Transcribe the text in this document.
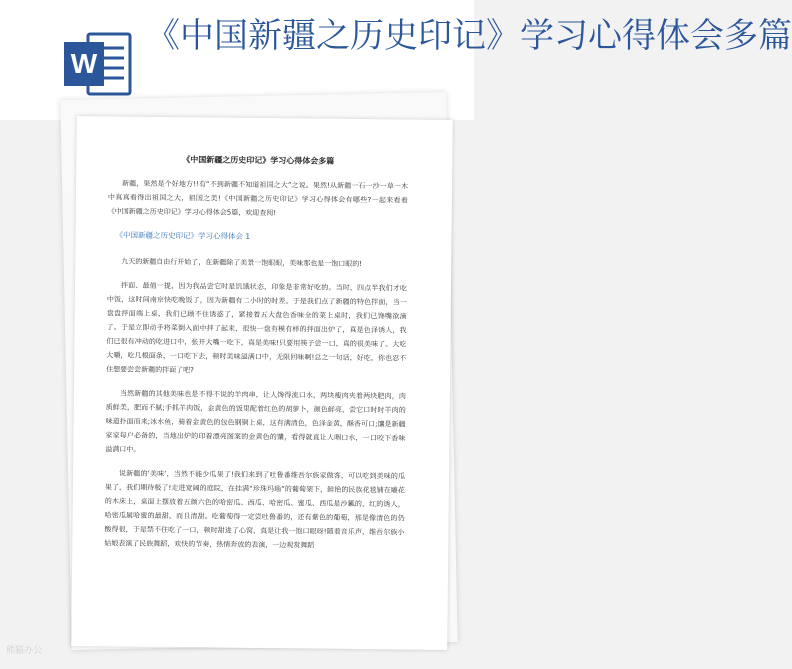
W
《中国新疆之历史印记》学习心得体会多篇
《中国新疆之历史印记》学习心得体会多篇

新疆，果然是个好地方!!有“不到新疆不知道祖国之大”之说。果然!从新疆一石一沙一草一木中真真看得出祖国之大，祖国之美!《中国新疆之历史印记》学习心得体会有哪些?一起来看看《中国新疆之历史印记》学习心得体会5篇，欢迎查阅!

《中国新疆之历史印记》学习心得体会 1

九天的新疆自由行开始了，在新疆除了美景一饱眼眼，美味那也是一饱口眼的!

拌面、最值一提，因为我品尝它时是饥饿状态，印象是非常好吃的。当时，四点半我们才吃中饭，这时间南京快吃晚饭了，因为新疆有二小时的时差。于是我们点了新疆的特色拌面，当一盘盘拌面端上桌，我们已顾不住诱惑了，紧接着五大盘色香味全的菜上桌时，我们已馋嘴欲滴了。于是立即动手将菜倒入面中拌了起来，很快一盘有模有样的拌面出炉了，真是色泽诱人，我们已很有冲动的吃进口中，张开大嘴一吃下，真是美味!只要用筷子尝一口，真的很美味了。大吃大嚼，吃几根面条，一口吃下去，顿时美味溢满口中，无限回味啊!总之一句话，好吃，你也忍不住想要尝尝新疆的拌面了吧?

当然新疆的其他美味也是不得不说的羊肉串，让人馋得流口水，两块瘦肉夹着两块肥肉，肉质鲜美，肥而不腻;手抓羊肉饭，金黄色的饭里配着红色的胡萝卜，颜色鲜亮，尝它口时时羊肉的味道扑面而来;冰水鱼，骑着金黄色的包色钢铜上桌，这有满清色，色泽金黄，酥香可口;馕是新疆家家每户必备的，当地出炉的印着漂亮图案的金黄色的馕，看得就直让人咽口水，一口咬下香味溢满口中。

说新疆的‘美味’，当然不能少瓜果了!我们来到了吐鲁番维吾尔族家做客，可以吃到美味的瓜果了，我们期待极了!走进宽阔的庭院，在挂满“珍珠玛瑙”的葡萄架下，鲜艳的民族花毯铺在雕花的木床上，桌面上摆放着五颜六色的哈密瓜、西瓜、哈密瓜、蜜瓜、西瓜是沙瓤的，红的诱人，哈密瓜属哈蜜的最甜，而且清甜。吃葡萄得一定尝吐鲁番的，还有紫色的葡萄，那是像清色的仍酸得很，于是禁不住吃了一口，顿时甜进了心窝，真是让我一饱口眼呀!随着音乐声，维吾尔族小姑娘表演了民族舞蹈，欢快的节奏，热情奔放的表演，一边观赏舞蹈

熊猫办公
